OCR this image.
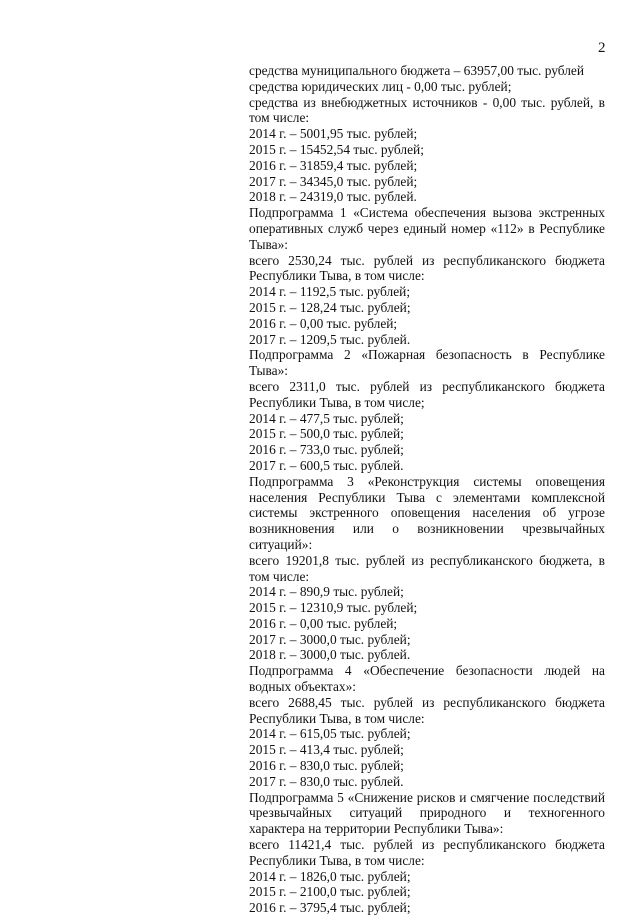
2
средства муниципального бюджета – 63957,00 тыс. рублей
средства юридических лиц - 0,00 тыс. рублей;
средства из внебюджетных источников - 0,00 тыс. рублей, в том числе:
2014 г. – 5001,95 тыс. рублей;
2015 г. – 15452,54 тыс. рублей;
2016 г. – 31859,4 тыс. рублей;
2017 г. – 34345,0 тыс. рублей;
2018 г. – 24319,0 тыс. рублей.
Подпрограмма 1 «Система обеспечения вызова экстренных оперативных служб через единый номер «112» в Республике Тыва»:
всего 2530,24 тыс. рублей из республиканского бюджета Республики Тыва, в том числе:
2014 г. – 1192,5 тыс. рублей;
2015 г. – 128,24 тыс. рублей;
2016 г. – 0,00 тыс. рублей;
2017 г. – 1209,5 тыс. рублей.
Подпрограмма 2 «Пожарная безопасность в Республике Тыва»:
всего 2311,0 тыс. рублей из республиканского бюджета Республики Тыва, в том числе;
2014 г. – 477,5 тыс. рублей;
2015 г. – 500,0 тыс. рублей;
2016 г. – 733,0 тыс. рублей;
2017 г. – 600,5 тыс. рублей.
Подпрограмма 3 «Реконструкция системы оповещения населения Республики Тыва с элементами комплексной системы экстренного оповещения населения об угрозе возникновения или о возникновении чрезвычайных ситуаций»:
всего 19201,8 тыс. рублей из республиканского бюджета, в том числе:
2014 г. – 890,9 тыс. рублей;
2015 г. – 12310,9 тыс. рублей;
2016 г. – 0,00 тыс. рублей;
2017 г. – 3000,0 тыс. рублей;
2018 г. – 3000,0 тыс. рублей.
Подпрограмма 4 «Обеспечение безопасности людей на водных объектах»:
всего 2688,45 тыс. рублей из республиканского бюджета Республики Тыва, в том числе:
2014 г. – 615,05 тыс. рублей;
2015 г. – 413,4 тыс. рублей;
2016 г. – 830,0 тыс. рублей;
2017 г. – 830,0 тыс. рублей.
Подпрограмма 5 «Снижение рисков и смягчение последствий чрезвычайных ситуаций природного и техногенного характера на территории Республики Тыва»:
всего 11421,4 тыс. рублей из республиканского бюджета Республики Тыва, в том числе:
2014 г. – 1826,0 тыс. рублей;
2015 г. – 2100,0 тыс. рублей;
2016 г. – 3795,4 тыс. рублей;
